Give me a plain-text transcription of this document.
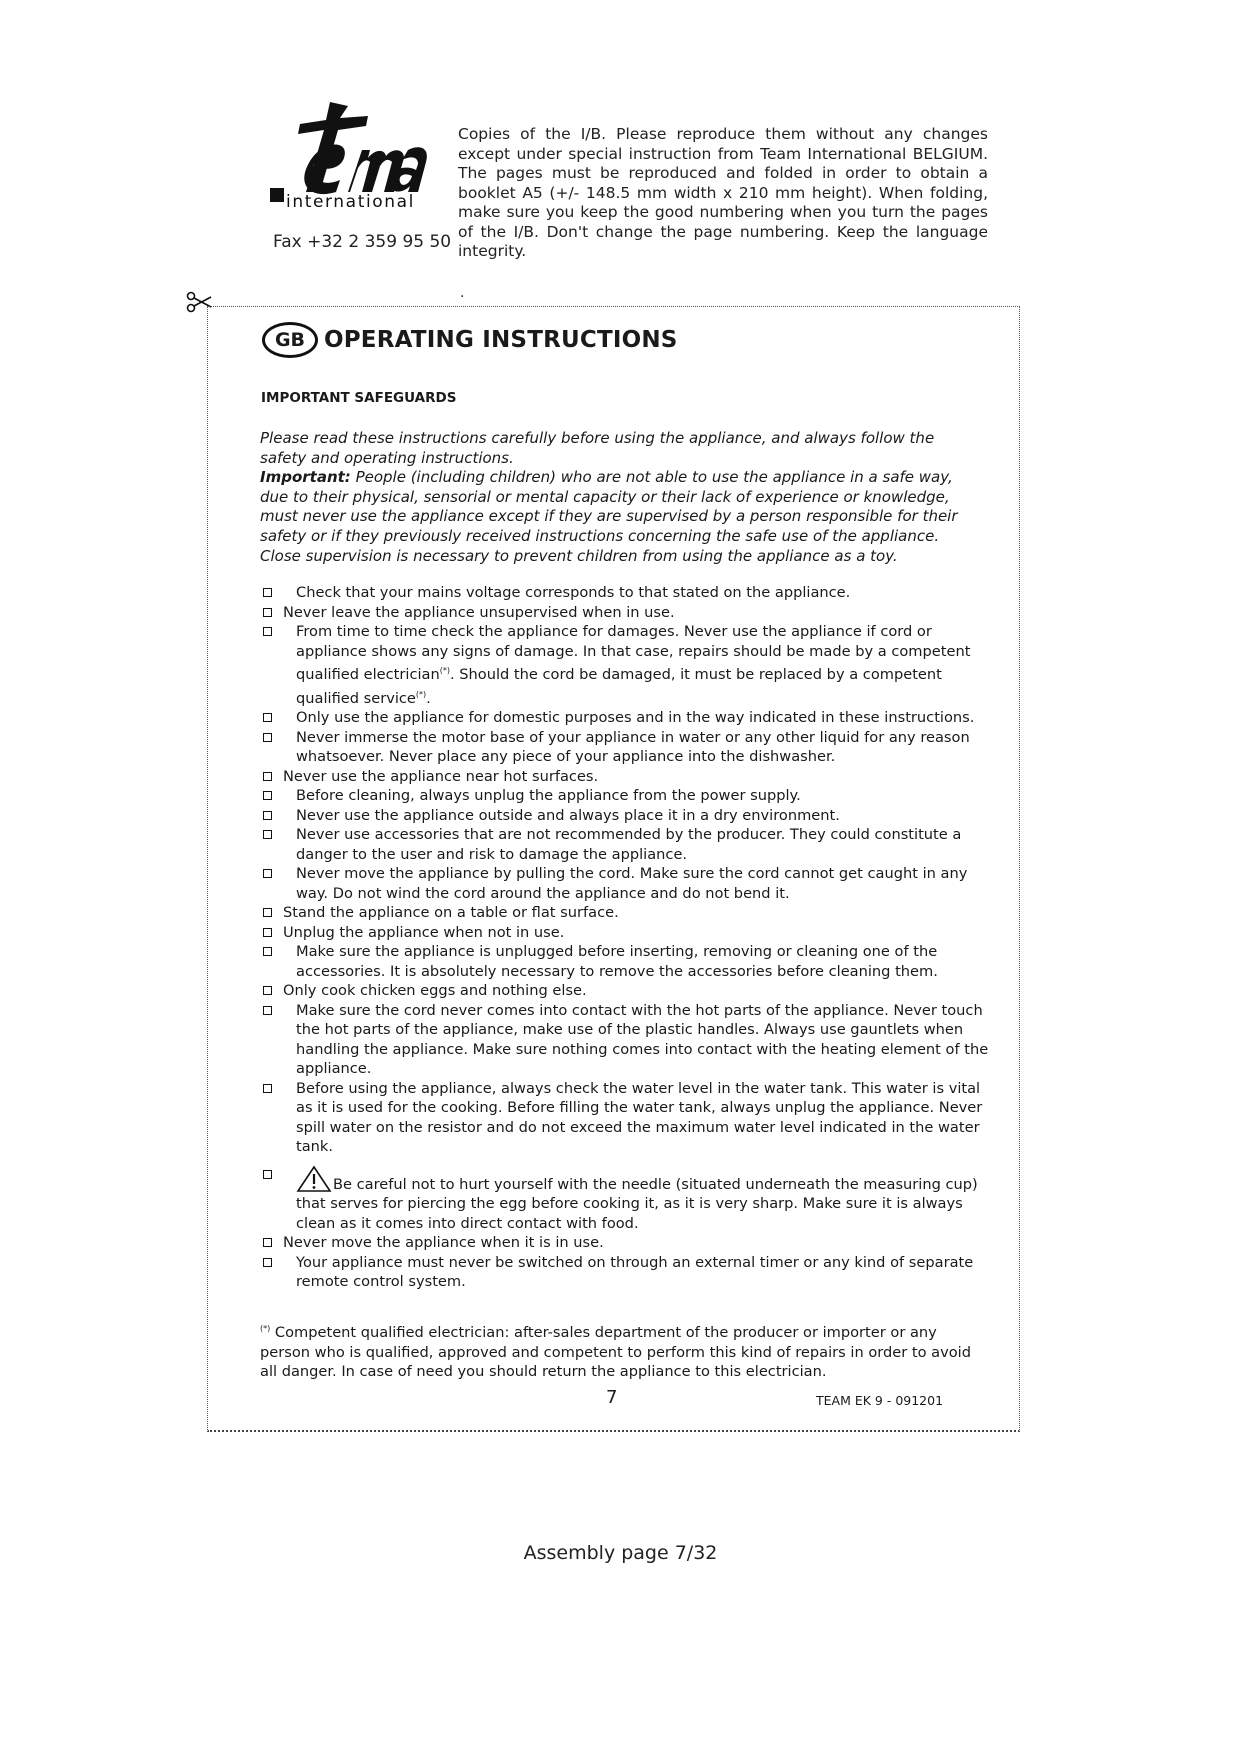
international
Fax +32 2 359 95 50
Copies of the I/B. Please reproduce them without any changes except under special instruction from Team International BELGIUM. The pages must be reproduced and folded in order to obtain a booklet A5 (+/- 148.5 mm width x 210 mm height). When folding, make sure you keep the good numbering when you turn the pages of the I/B. Don't change the page numbering. Keep the language integrity.
.
GB OPERATING INSTRUCTIONS
IMPORTANT SAFEGUARDS

Please read these instructions carefully before using the appliance, and always follow the safety and operating instructions.

Important: People (including children) who are not able to use the appliance in a safe way, due to their physical, sensorial or mental capacity or their lack of experience or knowledge, must never use the appliance except if they are supervised by a person responsible for their safety or if they previously received instructions concerning the safe use of the appliance.

Close supervision is necessary to prevent children from using the appliance as a toy.

Check that your mains voltage corresponds to that stated on the appliance.
Never leave the appliance unsupervised when in use.
From time to time check the appliance for damages. Never use the appliance if cord or appliance shows any signs of damage. In that case, repairs should be made by a competent qualified electrician(*). Should the cord be damaged, it must be replaced by a competent qualified service(*).
Only use the appliance for domestic purposes and in the way indicated in these instructions.
Never immerse the motor base of your appliance in water or any other liquid for any reason whatsoever. Never place any piece of your appliance into the dishwasher.
Never use the appliance near hot surfaces.
Before cleaning, always unplug the appliance from the power supply.
Never use the appliance outside and always place it in a dry environment.
Never use accessories that are not recommended by the producer. They could constitute a danger to the user and risk to damage the appliance.
Never move the appliance by pulling the cord. Make sure the cord cannot get caught in any way. Do not wind the cord around the appliance and do not bend it.
Stand the appliance on a table or flat surface.
Unplug the appliance when not in use.
Make sure the appliance is unplugged before inserting, removing or cleaning one of the accessories. It is absolutely necessary to remove the accessories before cleaning them.
Only cook chicken eggs and nothing else.
Make sure the cord never comes into contact with the hot parts of the appliance. Never touch the hot parts of the appliance, make use of the plastic handles. Always use gauntlets when handling the appliance. Make sure nothing comes into contact with the heating element of the appliance.
Before using the appliance, always check the water level in the water tank. This water is vital as it is used for the cooking. Before filling the water tank, always unplug the appliance. Never spill water on the resistor and do not exceed the maximum water level indicated in the water tank.
Be careful not to hurt yourself with the needle (situated underneath the measuring cup) that serves for piercing the egg before cooking it, as it is very sharp. Make sure it is always clean as it comes into direct contact with food.
Never move the appliance when it is in use.
Your appliance must never be switched on through an external timer or any kind of separate remote control system.
(*) Competent qualified electrician: after-sales department of the producer or importer or any person who is qualified, approved and competent to perform this kind of repairs in order to avoid all danger. In case of need you should return the appliance to this electrician.
7	TEAM EK 9 - 091201
Assembly page 7/32
